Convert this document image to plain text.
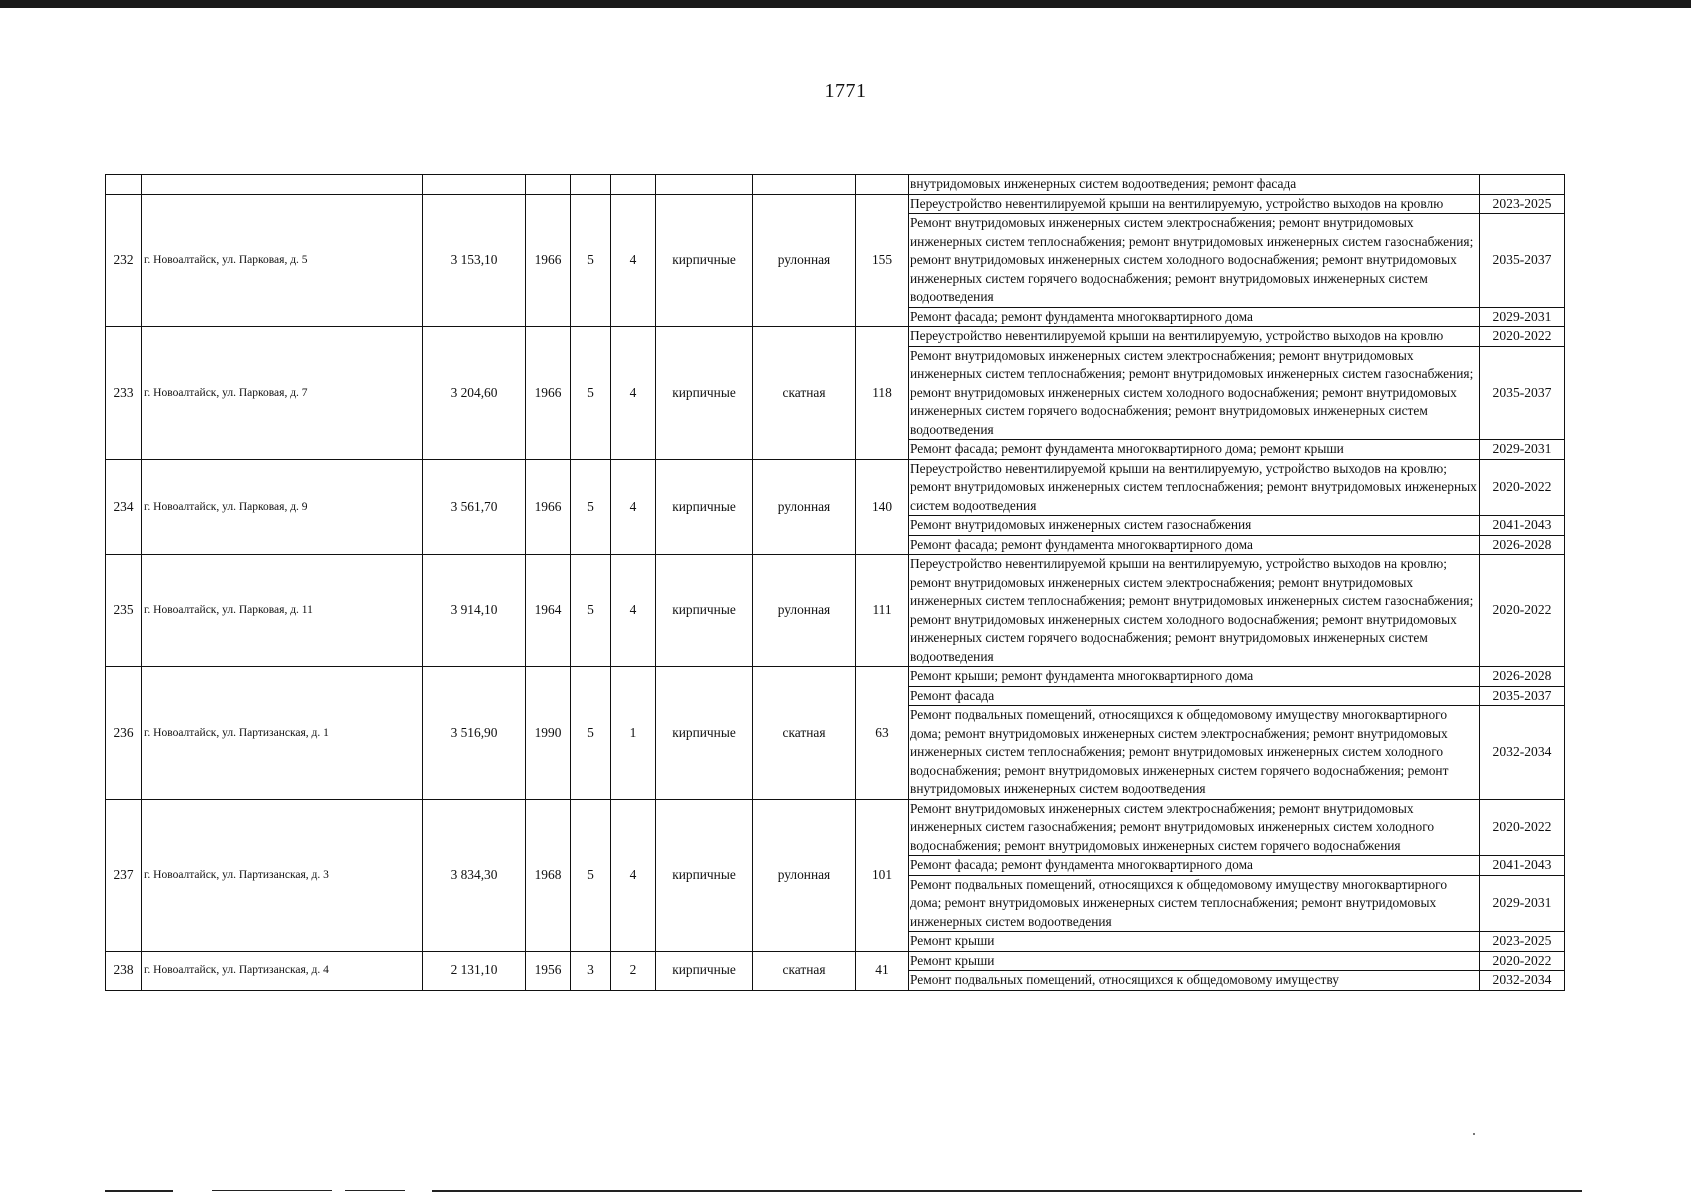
1771
									внутридомовых инженерных систем водоотведения; ремонт фасада	
232	г. Новоалтайск, ул. Парковая, д. 5	3 153,10	1966	5	4	кирпичные	рулонная	155	Переустройство невентилируемой крыши на вентилируемую, устройство выходов на кровлю	2023-2025
									Ремонт внутридомовых инженерных систем электроснабжения; ремонт внутридомовых инженерных систем теплоснабжения; ремонт внутридомовых инженерных систем газоснабжения; ремонт внутридомовых инженерных систем холодного водоснабжения; ремонт внутридомовых инженерных систем горячего водоснабжения; ремонт внутридомовых инженерных систем водоотведения	2035-2037
									Ремонт фасада; ремонт фундамента многоквартирного дома	2029-2031
233	г. Новоалтайск, ул. Парковая, д. 7	3 204,60	1966	5	4	кирпичные	скатная	118	Переустройство невентилируемой крыши на вентилируемую, устройство выходов на кровлю	2020-2022
									Ремонт внутридомовых инженерных систем электроснабжения; ремонт внутридомовых инженерных систем теплоснабжения; ремонт внутридомовых инженерных систем газоснабжения; ремонт внутридомовых инженерных систем холодного водоснабжения; ремонт внутридомовых инженерных систем горячего водоснабжения; ремонт внутридомовых инженерных систем водоотведения	2035-2037
									Ремонт фасада; ремонт фундамента многоквартирного дома; ремонт крыши	2029-2031
234	г. Новоалтайск, ул. Парковая, д. 9	3 561,70	1966	5	4	кирпичные	рулонная	140	Переустройство невентилируемой крыши на вентилируемую, устройство выходов на кровлю; ремонт внутридомовых инженерных систем теплоснабжения; ремонт внутридомовых инженерных систем водоотведения	2020-2022
									Ремонт внутридомовых инженерных систем газоснабжения	2041-2043
									Ремонт фасада; ремонт фундамента многоквартирного дома	2026-2028
235	г. Новоалтайск, ул. Парковая, д. 11	3 914,10	1964	5	4	кирпичные	рулонная	111	Переустройство невентилируемой крыши на вентилируемую, устройство выходов на кровлю; ремонт внутридомовых инженерных систем электроснабжения; ремонт внутридомовых инженерных систем теплоснабжения; ремонт внутридомовых инженерных систем газоснабжения; ремонт внутридомовых инженерных систем холодного водоснабжения; ремонт внутридомовых инженерных систем горячего водоснабжения; ремонт внутридомовых инженерных систем водоотведения	2020-2022
236	г. Новоалтайск, ул. Партизанская, д. 1	3 516,90	1990	5	1	кирпичные	скатная	63	Ремонт крыши; ремонт фундамента многоквартирного дома	2026-2028
									Ремонт фасада	2035-2037
									Ремонт подвальных помещений, относящихся к общедомовому имуществу многоквартирного дома; ремонт внутридомовых инженерных систем электроснабжения; ремонт внутридомовых инженерных систем теплоснабжения; ремонт внутридомовых инженерных систем холодного водоснабжения; ремонт внутридомовых инженерных систем горячего водоснабжения; ремонт внутридомовых инженерных систем водоотведения	2032-2034
237	г. Новоалтайск, ул. Партизанская, д. 3	3 834,30	1968	5	4	кирпичные	рулонная	101	Ремонт внутридомовых инженерных систем электроснабжения; ремонт внутридомовых инженерных систем газоснабжения; ремонт внутридомовых инженерных систем холодного водоснабжения; ремонт внутридомовых инженерных систем горячего водоснабжения	2020-2022
									Ремонт фасада; ремонт фундамента многоквартирного дома	2041-2043
									Ремонт подвальных помещений, относящихся к общедомовому имуществу многоквартирного дома; ремонт внутридомовых инженерных систем теплоснабжения; ремонт внутридомовых инженерных систем водоотведения	2029-2031
									Ремонт крыши	2023-2025
238	г. Новоалтайск, ул. Партизанская, д. 4	2 131,10	1956	3	2	кирпичные	скатная	41	Ремонт крыши	2020-2022
									Ремонт подвальных помещений, относящихся к общедомовому имуществу	2032-2034
